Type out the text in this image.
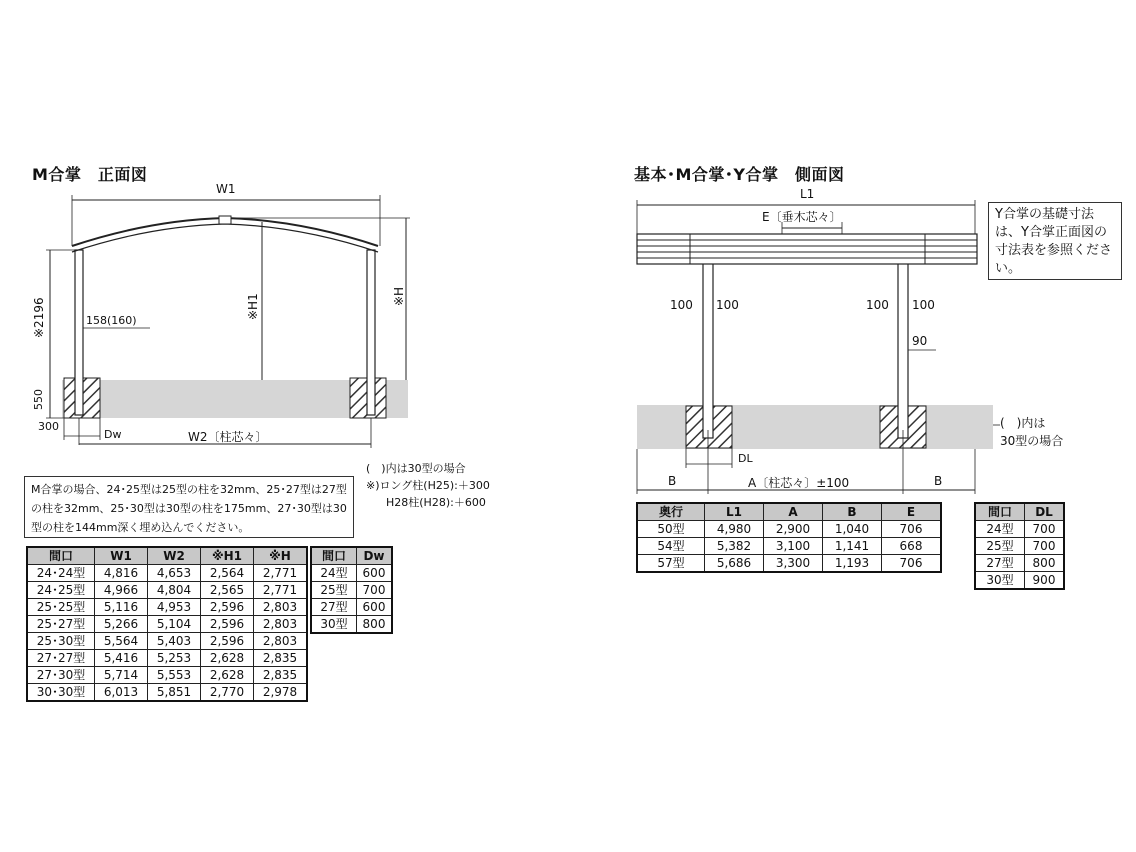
M合掌　正面図
W1
※2196	※H1	※H
158(160)
550
300
Dw	W2〔柱芯々〕
(　)内は30型の場合
※)ロング柱(H25):＋300
H28柱(H28):＋600
M合掌の場合、24･25型は25型の柱を32mm、25･27型は27型の柱を32mm、25･30型は30型の柱を175mm、27･30型は30型の柱を144mm深く埋め込んでください。
間口	W1	W2	※H1	※H
24･24型	4,816	4,653	2,564	2,771
24･25型	4,966	4,804	2,565	2,771
25･25型	5,116	4,953	2,596	2,803
25･27型	5,266	5,104	2,596	2,803
25･30型	5,564	5,403	2,596	2,803
27･27型	5,416	5,253	2,628	2,835
27･30型	5,714	5,553	2,628	2,835
30･30型	6,013	5,851	2,770	2,978
間口	Dw
24型	600
25型	700
27型	600
30型	800
基本･M合掌･Y合掌　側面図
L1
E〔垂木芯々〕
100 100	100 100
90
DL
B	A〔柱芯々〕±100	B
Y合掌の基礎寸法は、Y合掌正面図の寸法表を参照ください。
(　)内は
30型の場合
奥行	L1	A	B	E
50型	4,980	2,900	1,040	706
54型	5,382	3,100	1,141	668
57型	5,686	3,300	1,193	706
間口	DL
24型	700
25型	700
27型	800
30型	900
